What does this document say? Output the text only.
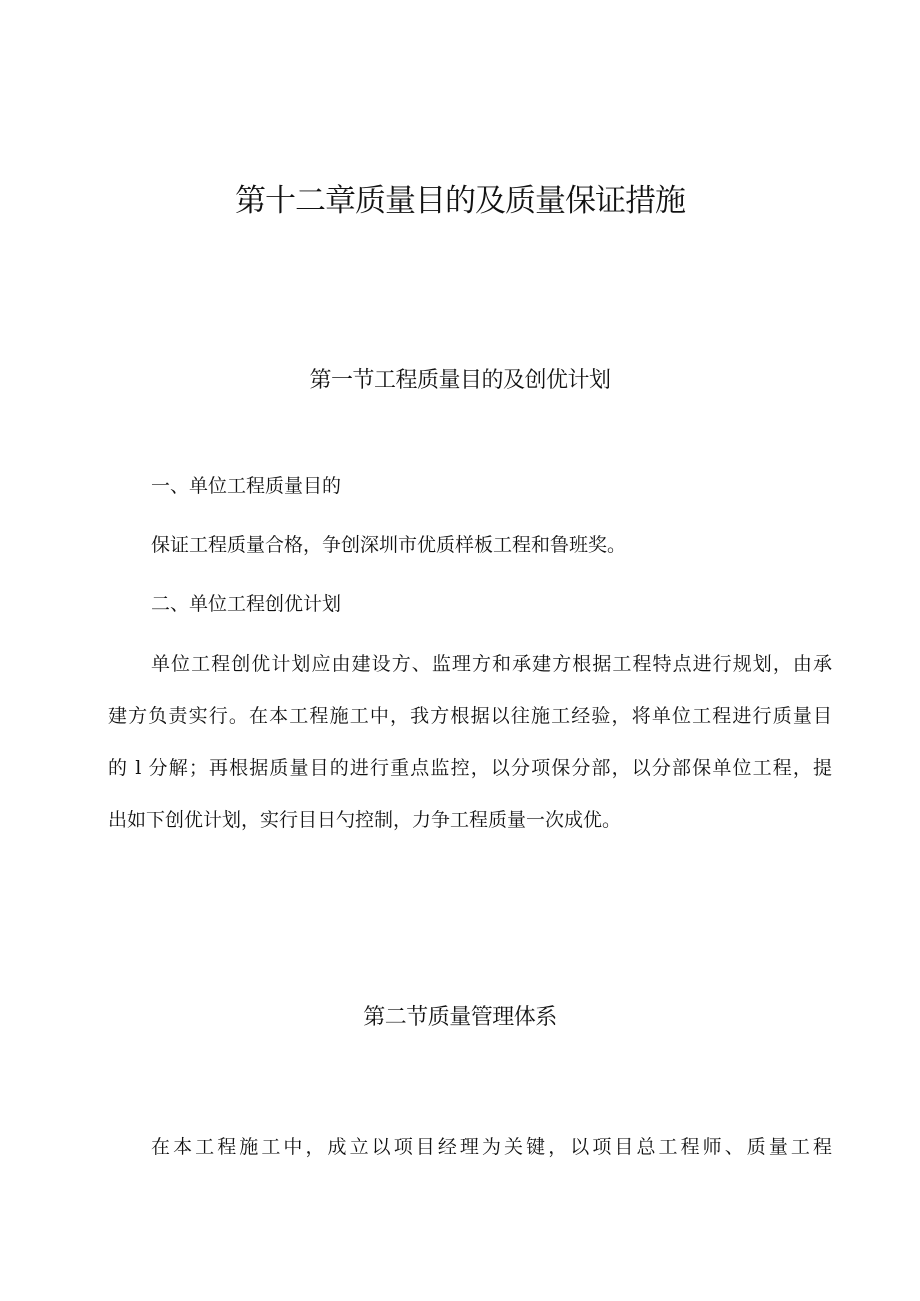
第十二章质量目的及质量保证措施
第一节工程质量目的及创优计划
一、单位工程质量目的
保证工程质量合格，争创深圳市优质样板工程和鲁班奖。
二、单位工程创优计划
单位工程创优计划应由建设方、监理方和承建方根据工程特点进行规划，由承
建方负责实行。在本工程施工中，我方根据以往施工经验，将单位工程进行质量目
的 l 分解；再根据质量目的进行重点监控，以分项保分部，以分部保单位工程，提
出如下创优计划，实行目日勺控制，力争工程质量一次成优。
第二节质量管理体系
在本工程施工中，成立以项目经理为关键，以项目总工程师、质量工程
